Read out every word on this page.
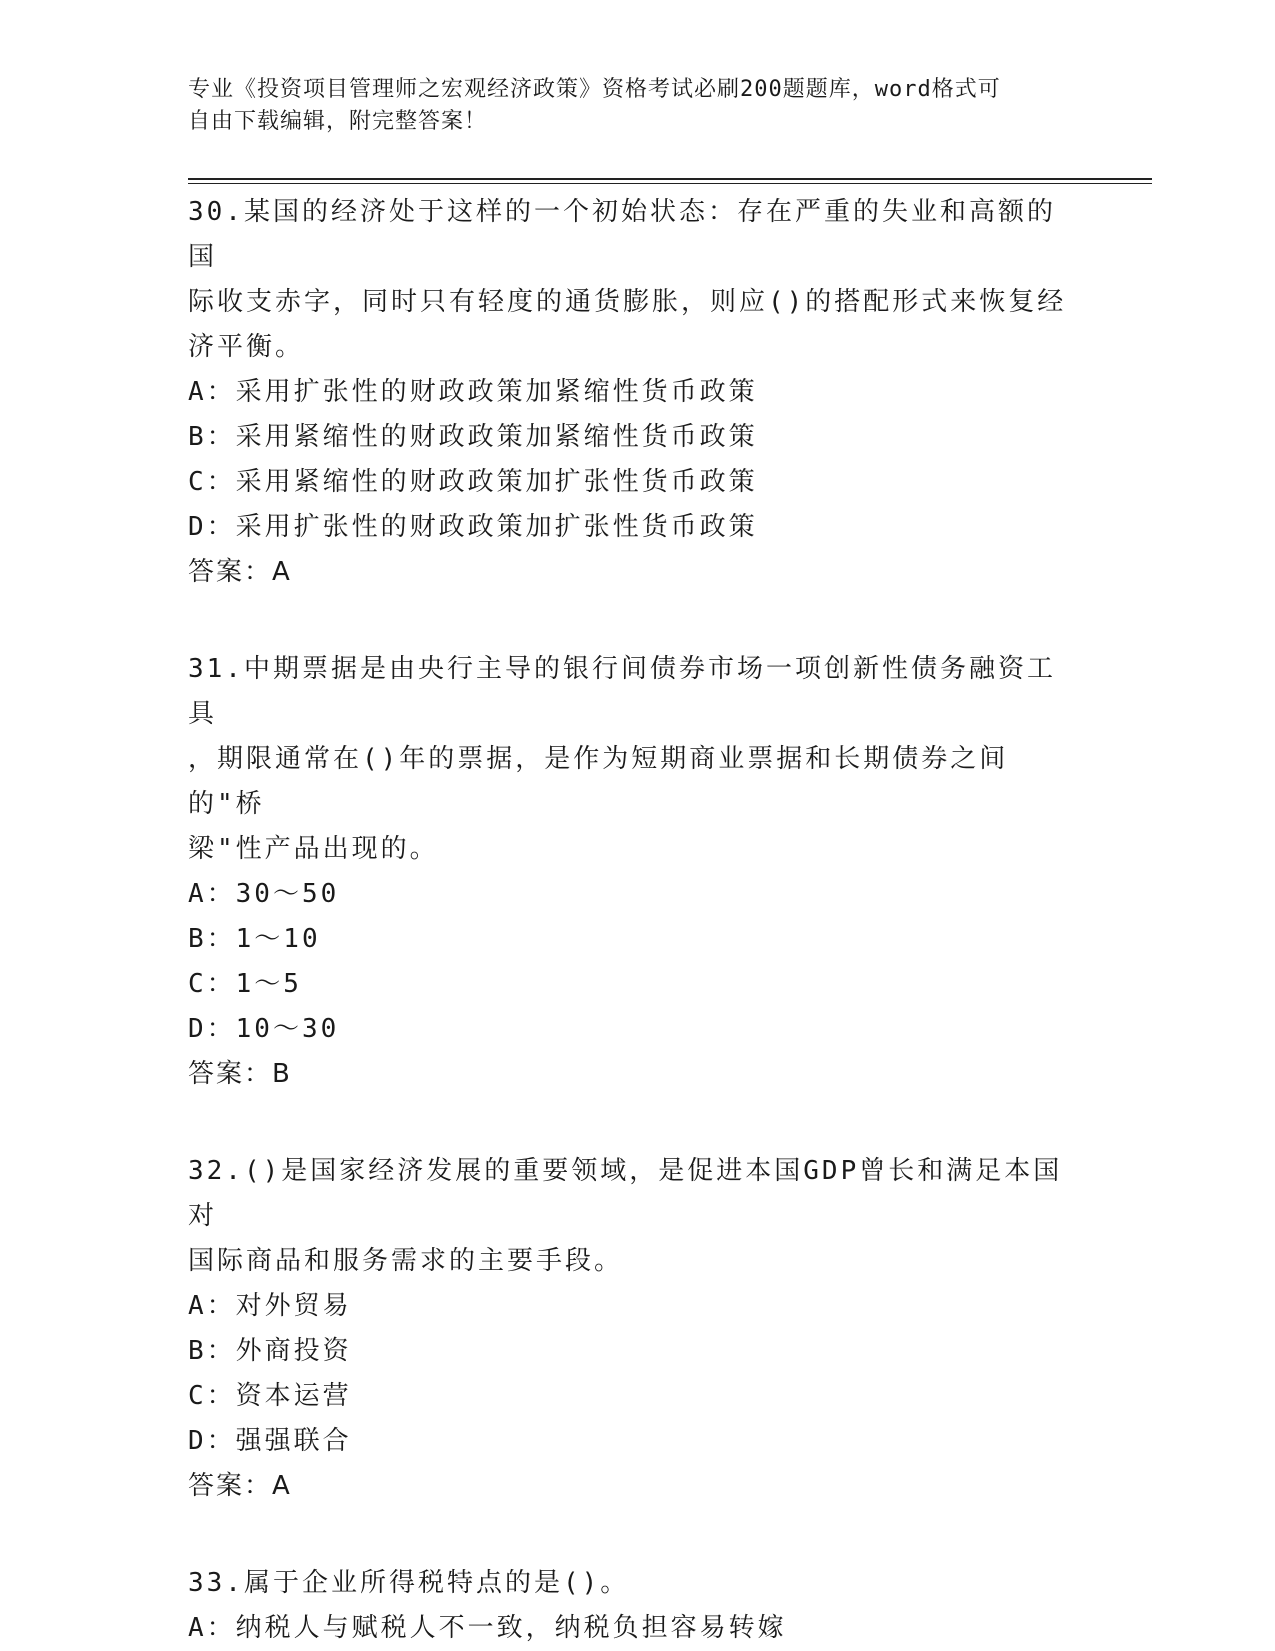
专业《投资项目管理师之宏观经济政策》资格考试必刷200题题库，word格式可
自由下载编辑，附完整答案！
30.某国的经济处于这样的一个初始状态：存在严重的失业和高额的国
际收支赤字，同时只有轻度的通货膨胀，则应()的搭配形式来恢复经
济平衡。
A：采用扩张性的财政政策加紧缩性货币政策
B：采用紧缩性的财政政策加紧缩性货币政策
C：采用紧缩性的财政政策加扩张性货币政策
D：采用扩张性的财政政策加扩张性货币政策
答案：A
31.中期票据是由央行主导的银行间债券市场一项创新性债务融资工具
，期限通常在()年的票据，是作为短期商业票据和长期债券之间的"桥
梁"性产品出现的。
A：30～50
B：1～10
C：1～5
D：10～30
答案：B
32.()是国家经济发展的重要领域，是促进本国GDP曾长和满足本国对
国际商品和服务需求的主要手段。
A：对外贸易
B：外商投资
C：资本运营
D：强强联合
答案：A
33.属于企业所得税特点的是()。
A：纳税人与赋税人不一致，纳税负担容易转嫁
